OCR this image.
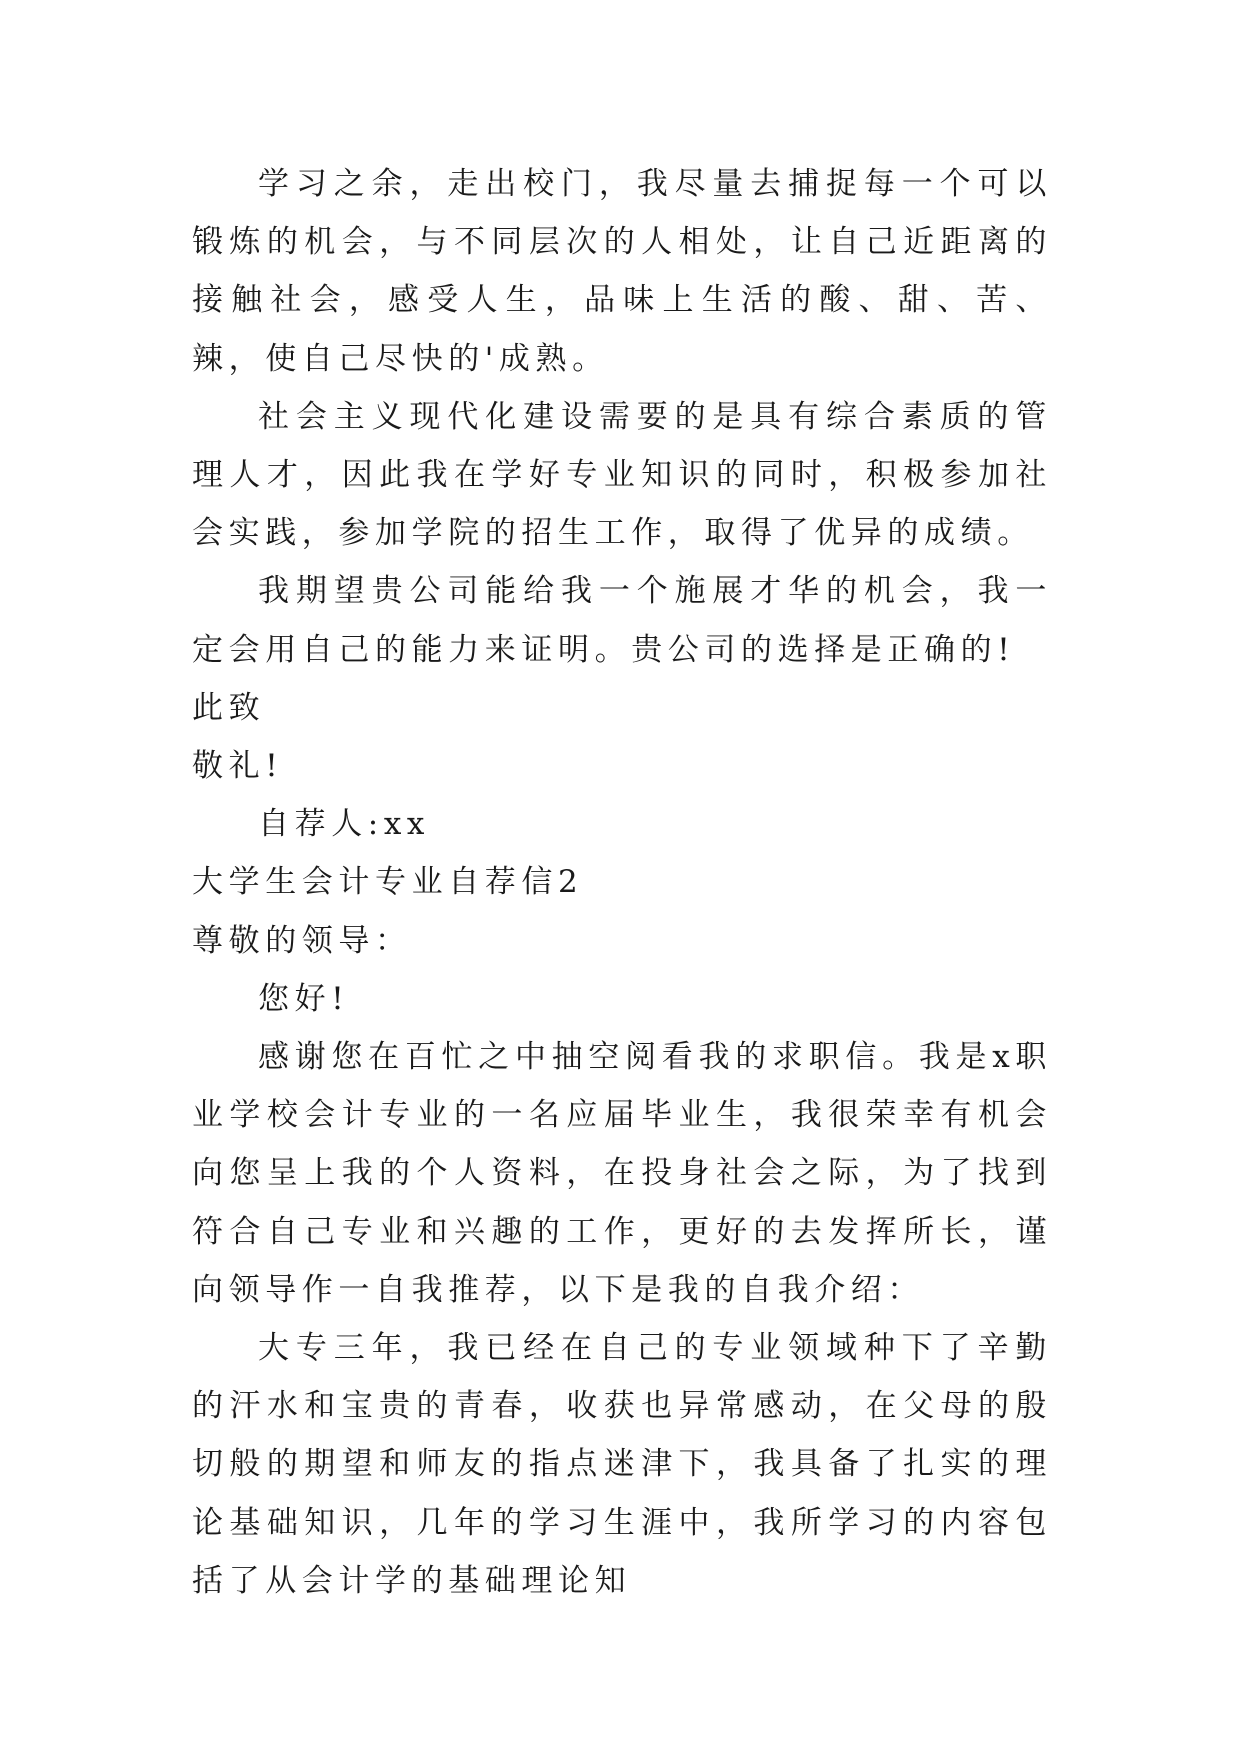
学习之余，走出校门，我尽量去捕捉每一个可以锻炼的机会，与不同层次的人相处，让自己近距离的接触社会，感受人生，品味上生活的酸、甜、苦、辣，使自己尽快的'成熟。

社会主义现代化建设需要的是具有综合素质的管理人才，因此我在学好专业知识的同时，积极参加社会实践，参加学院的招生工作，取得了优异的成绩。

我期望贵公司能给我一个施展才华的机会，我一定会用自己的能力来证明。贵公司的选择是正确的!

此致

敬礼!

自荐人:xx

大学生会计专业自荐信2

尊敬的领导：

您好!

感谢您在百忙之中抽空阅看我的求职信。我是x职业学校会计专业的一名应届毕业生，我很荣幸有机会向您呈上我的个人资料，在投身社会之际，为了找到符合自己专业和兴趣的工作，更好的去发挥所长，谨向领导作一自我推荐，以下是我的自我介绍：

大专三年，我已经在自己的专业领域种下了辛勤的汗水和宝贵的青春，收获也异常感动，在父母的殷切般的期望和师友的指点迷津下，我具备了扎实的理论基础知识，几年的学习生涯中，我所学习的内容包括了从会计学的基础理论知
